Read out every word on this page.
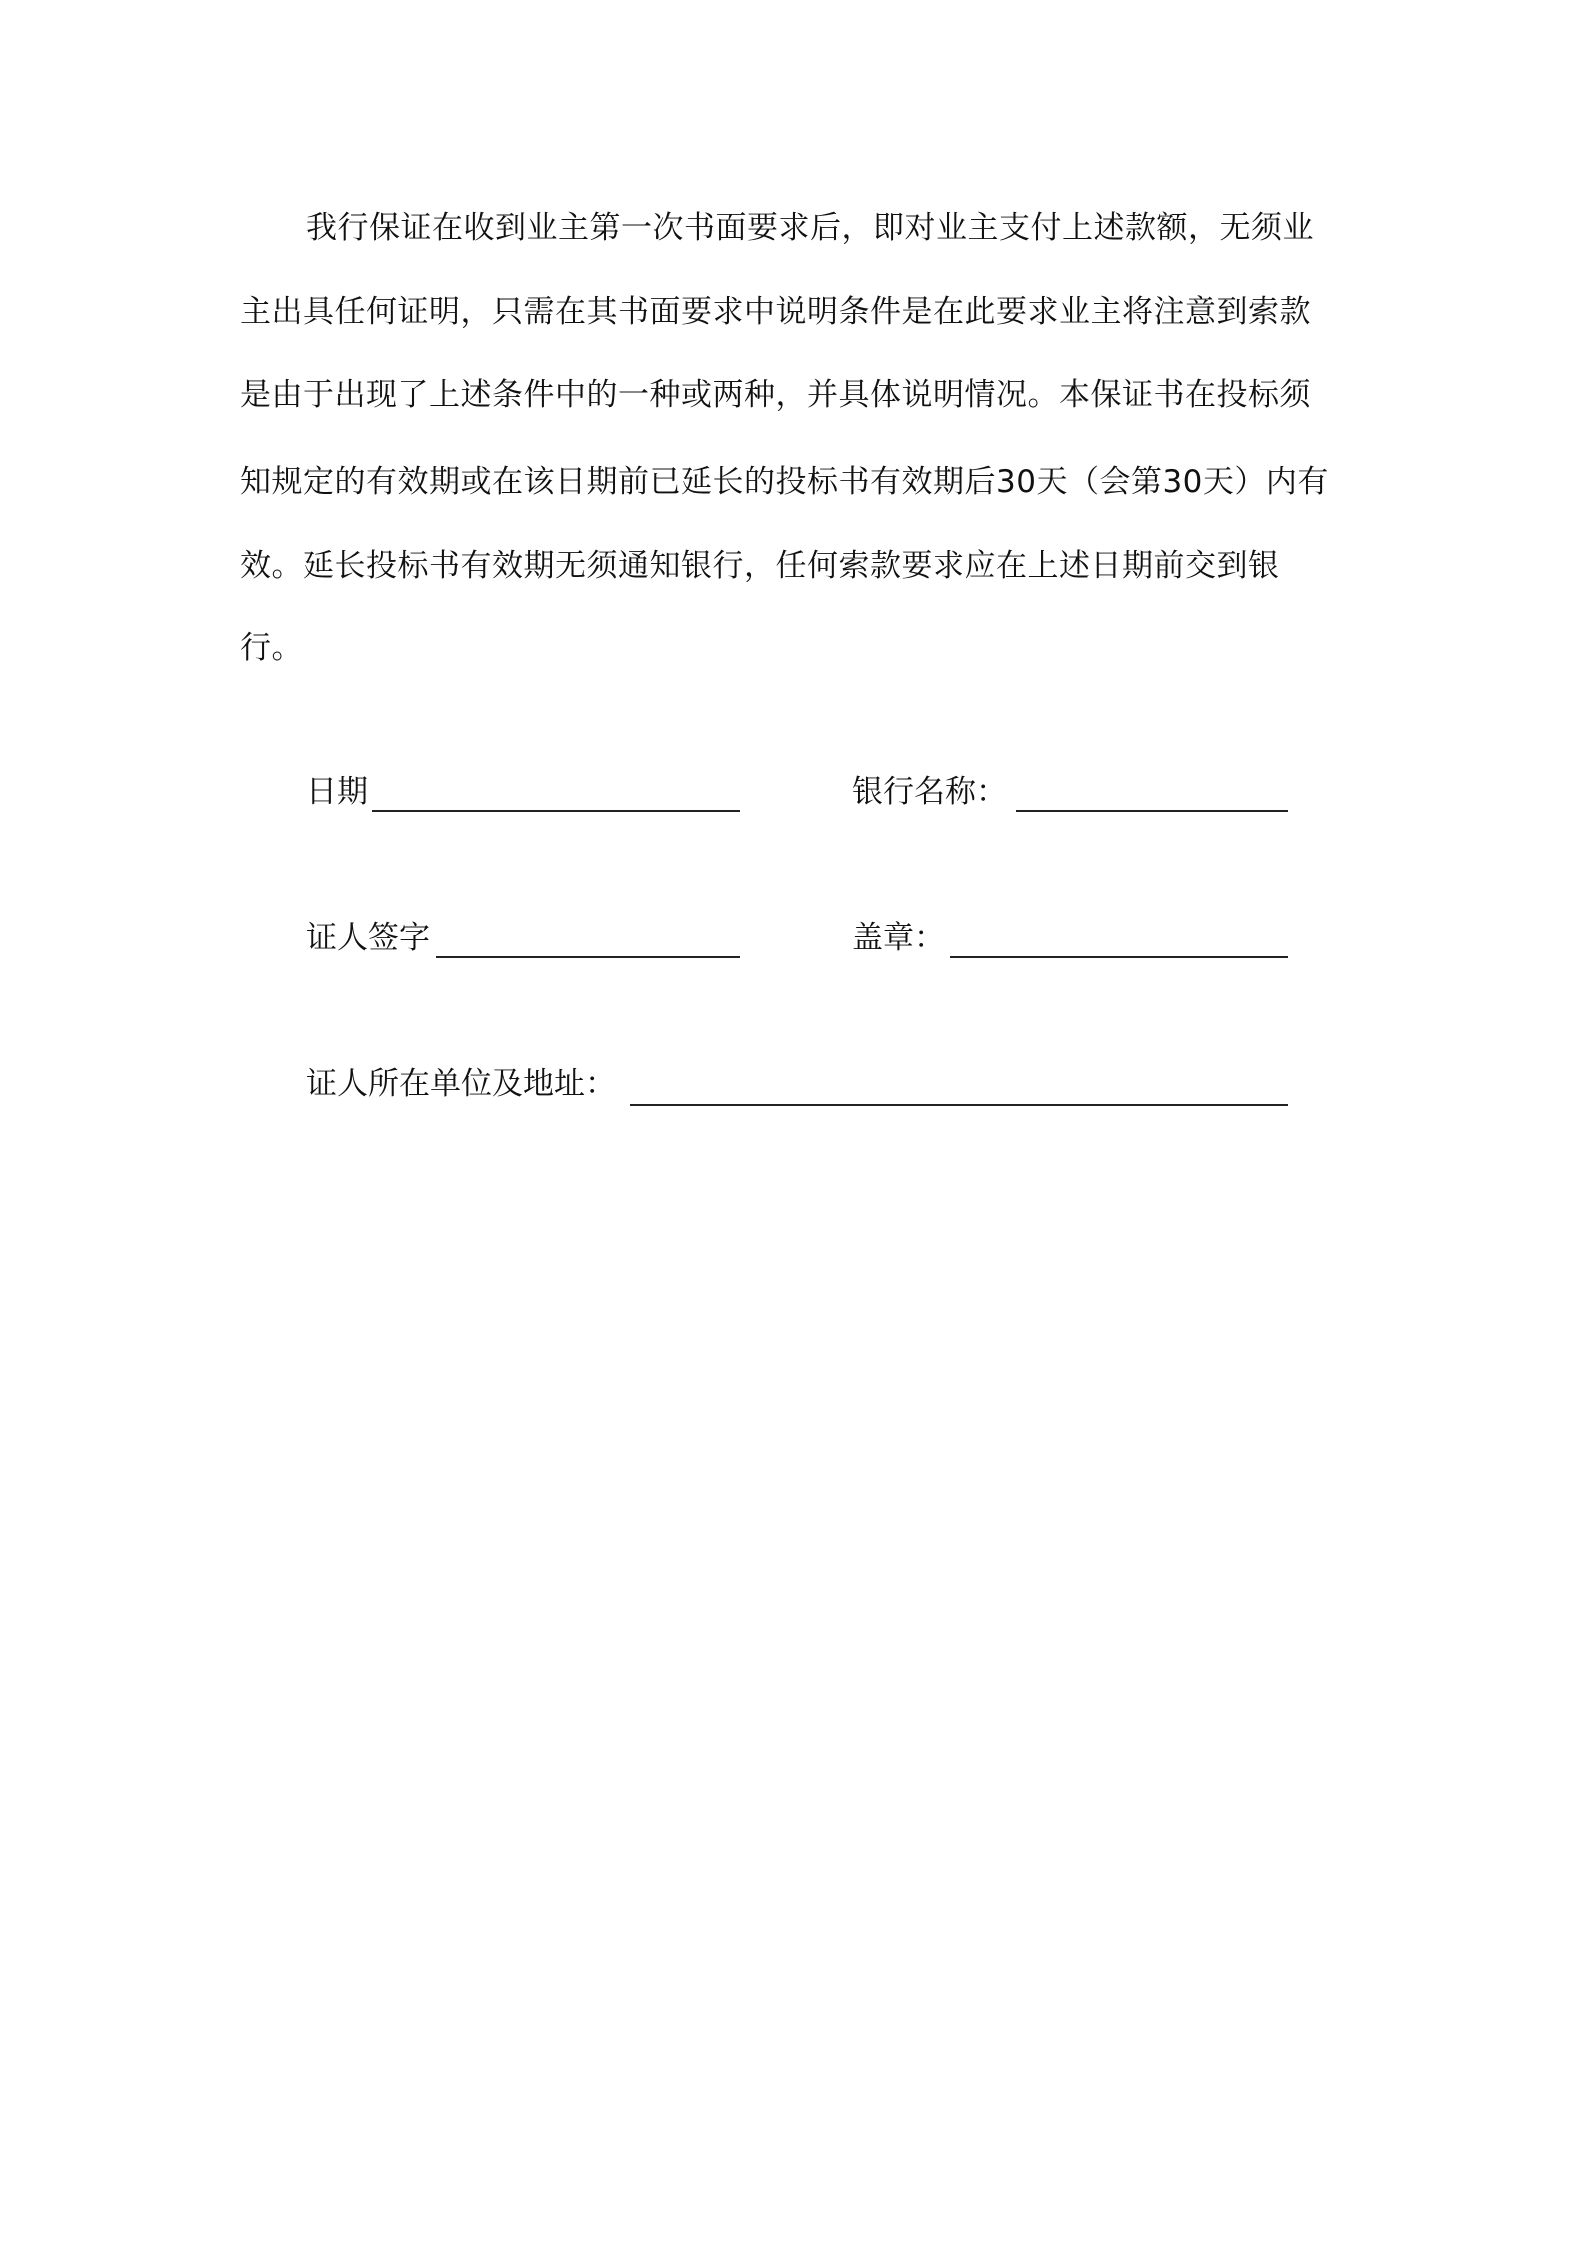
我行保证在收到业主第一次书面要求后，即对业主支付上述款额，无须业
主出具任何证明，只需在其书面要求中说明条件是在此要求业主将注意到索款
是由于出现了上述条件中的一种或两种，并具体说明情况。本保证书在投标须
知规定的有效期或在该日期前已延长的投标书有效期后30天（会第30天）内有
效。延长投标书有效期无须通知银行，任何索款要求应在上述日期前交到银
行。
日期	银行名称：
证人签字	盖章：
证人所在单位及地址：
